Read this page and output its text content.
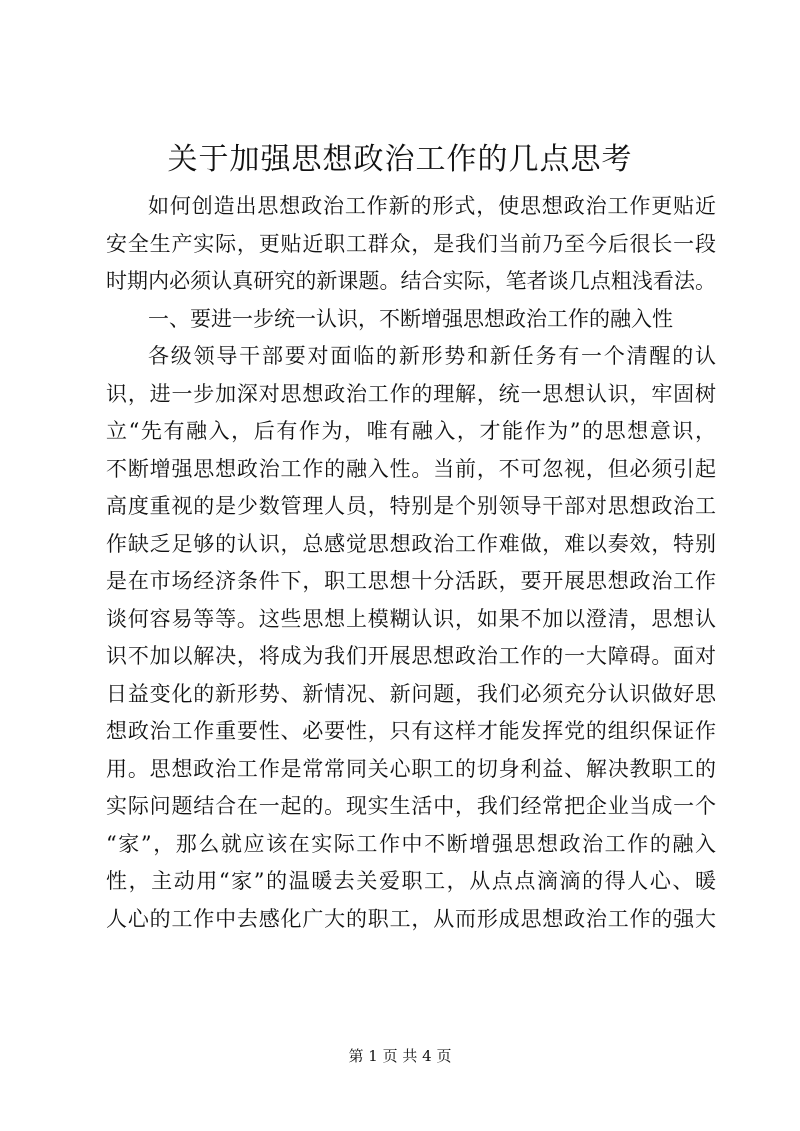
关于加强思想政治工作的几点思考
如何创造出思想政治工作新的形式，使思想政治工作更贴近
安全生产实际，更贴近职工群众，是我们当前乃至今后很长一段
时期内必须认真研究的新课题。结合实际，笔者谈几点粗浅看法。
一、要进一步统一认识，不断增强思想政治工作的融入性
各级领导干部要对面临的新形势和新任务有一个清醒的认
识，进一步加深对思想政治工作的理解，统一思想认识，牢固树
立“先有融入，后有作为，唯有融入，才能作为”的思想意识，
不断增强思想政治工作的融入性。当前，不可忽视，但必须引起
高度重视的是少数管理人员，特别是个别领导干部对思想政治工
作缺乏足够的认识，总感觉思想政治工作难做，难以奏效，特别
是在市场经济条件下，职工思想十分活跃，要开展思想政治工作
谈何容易等等。这些思想上模糊认识，如果不加以澄清，思想认
识不加以解决，将成为我们开展思想政治工作的一大障碍。面对
日益变化的新形势、新情况、新问题，我们必须充分认识做好思
想政治工作重要性、必要性，只有这样才能发挥党的组织保证作
用。思想政治工作是常常同关心职工的切身利益、解决教职工的
实际问题结合在一起的。现实生活中，我们经常把企业当成一个
“家”，那么就应该在实际工作中不断增强思想政治工作的融入
性，主动用“家”的温暖去关爱职工，从点点滴滴的得人心、暖
人心的工作中去感化广大的职工，从而形成思想政治工作的强大
第 1 页 共 4 页
